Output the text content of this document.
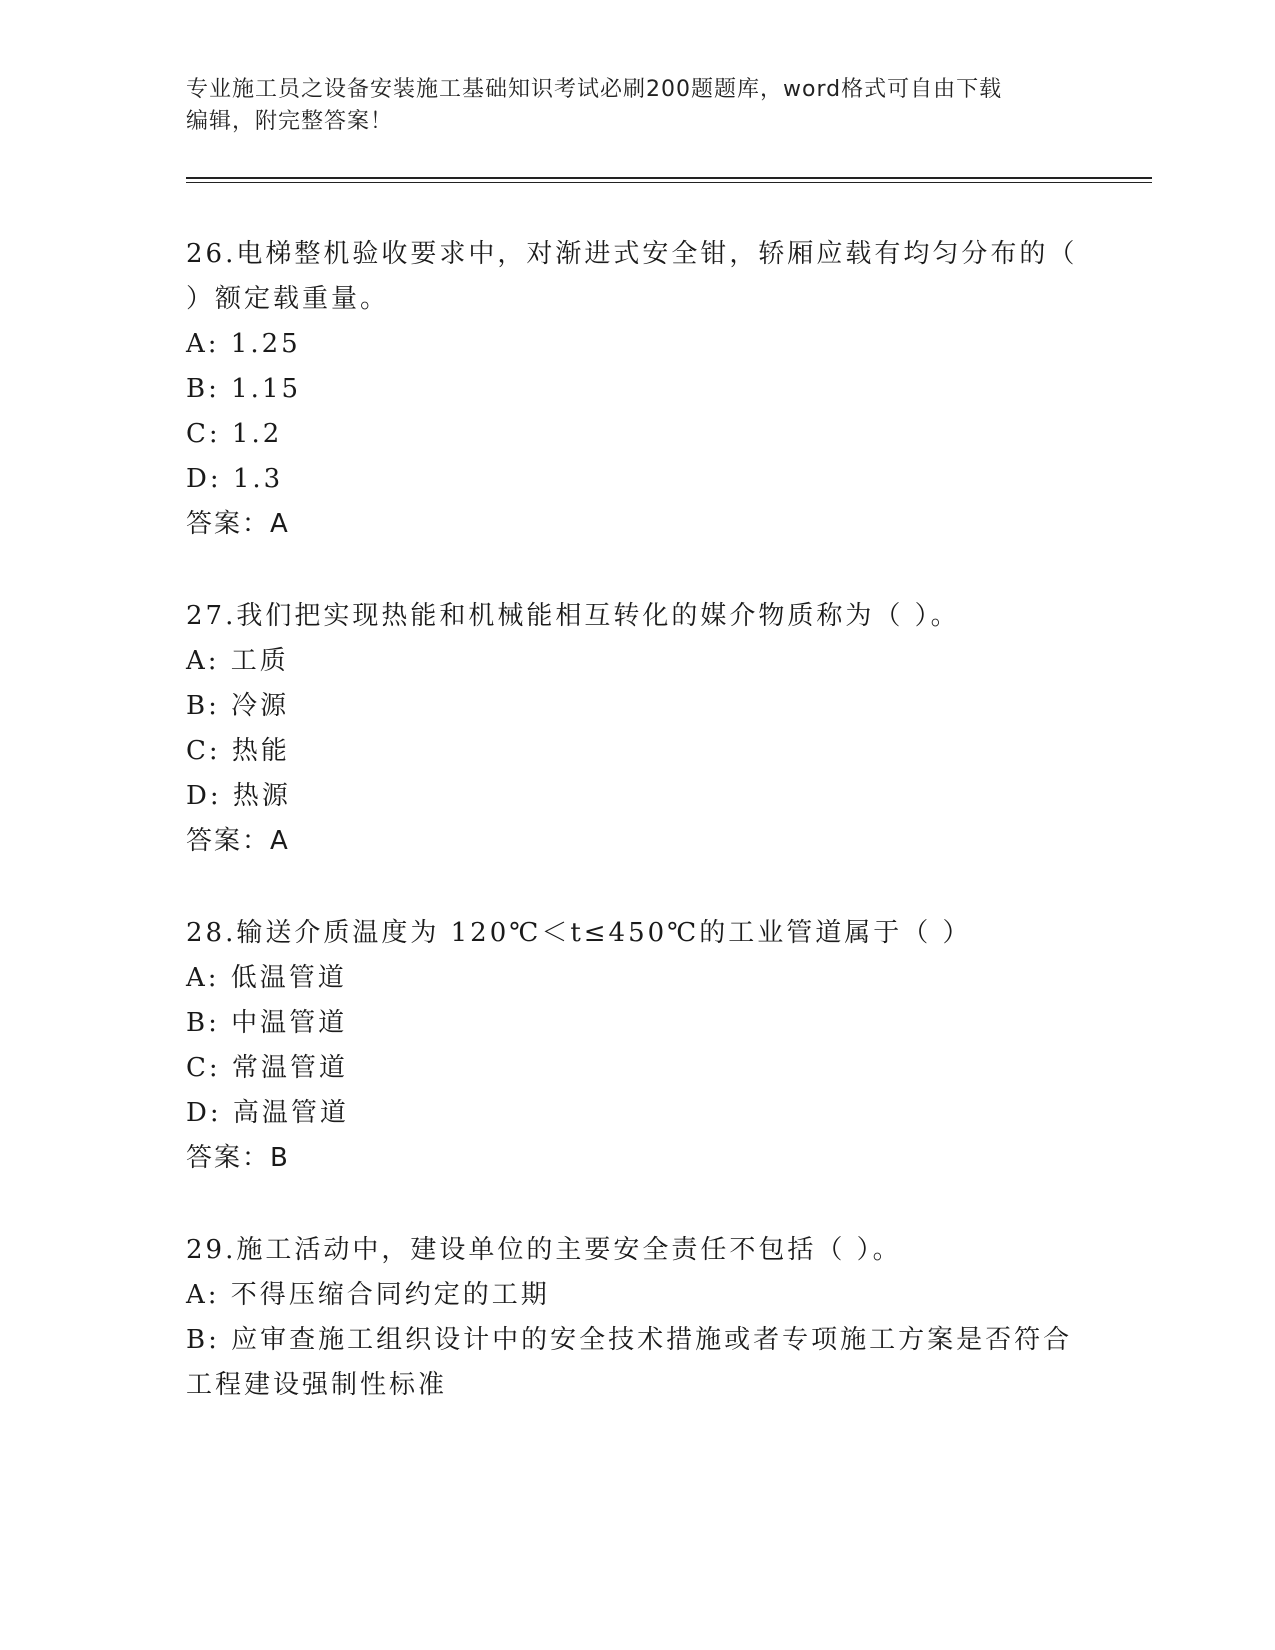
专业施工员之设备安装施工基础知识考试必刷200题题库，word格式可自由下载
编辑，附完整答案！

26.电梯整机验收要求中，对渐进式安全钳，轿厢应载有均匀分布的（

）额定载重量。

A: 1.25

B: 1.15

C: 1.2

D: 1.3

答案：A

27.我们把实现热能和机械能相互转化的媒介物质称为（ ）。

A: 工质

B: 冷源

C: 热能

D: 热源

答案：A

28.输送介质温度为 120℃＜t≤450℃的工业管道属于（ ）

A: 低温管道

B: 中温管道

C: 常温管道

D: 高温管道

答案：B

29.施工活动中，建设单位的主要安全责任不包括（ ）。

A: 不得压缩合同约定的工期

B: 应审查施工组织设计中的安全技术措施或者专项施工方案是否符合

工程建设强制性标准
